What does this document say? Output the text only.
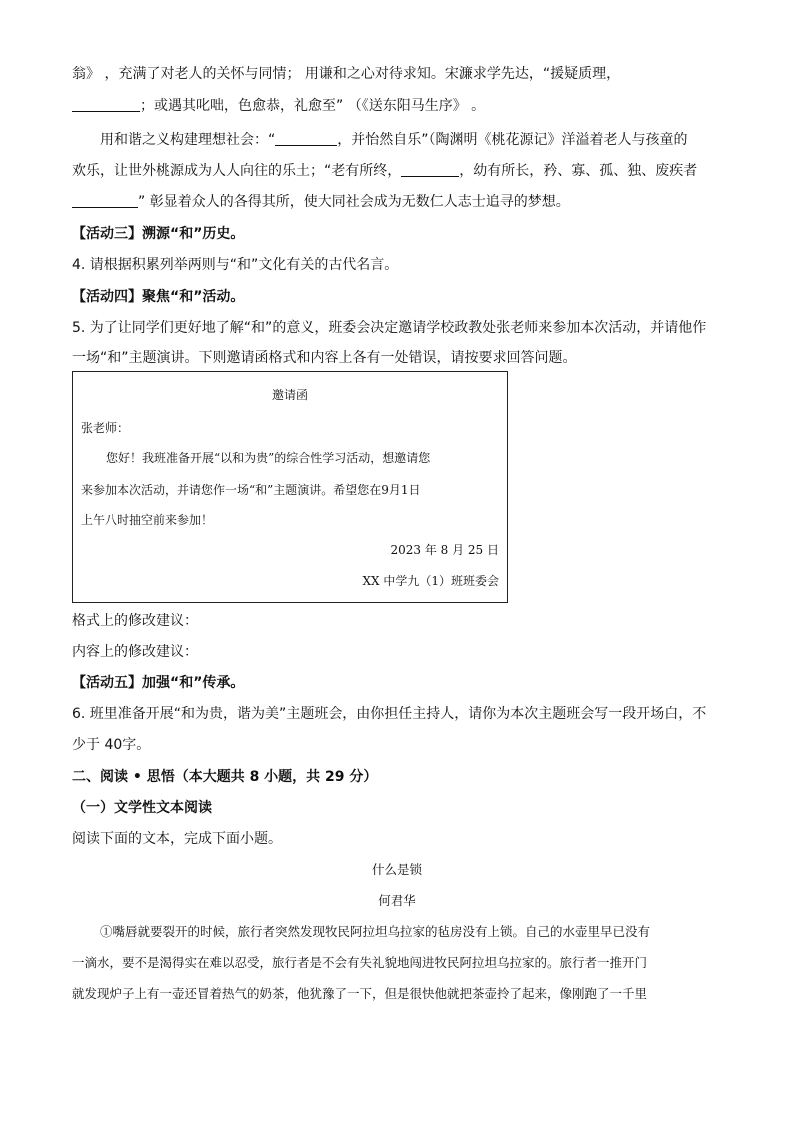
翁》 ，充满了对老人的关怀与同情； 用谦和之心对待求知。宋濂求学先达，“援疑质理，
；或遇其叱咄，色愈恭，礼愈至” （《送东阳马生序》 。
用和谐之义构建理想社会：“	，并怡然自乐”（陶渊明《桃花源记》洋溢着老人与孩童的
欢乐，让世外桃源成为人人向往的乐土；“老有所终，	，幼有所长，矜、寡、孤、独、废疾者
” 彰显着众人的各得其所，使大同社会成为无数仁人志士追寻的梦想。
【活动三】溯源“和”历史。
4. 请根据积累列举两则与“和”文化有关的古代名言。
【活动四】聚焦“和”活动。
5. 为了让同学们更好地了解“和”的意义，班委会决定邀请学校政教处张老师来参加本次活动，并请他作
一场“和”主题演讲。下则邀请函格式和内容上各有一处错误，请按要求回答问题。
邀请函
张老师：
您好！我班准备开展“以和为贵”的综合性学习活动，想邀请您
来参加本次活动，并请您作一场“和”主题演讲。希望您在9月1日
上午八时抽空前来参加！
2023 年 8 月 25 日
XX 中学九（1）班班委会
格式上的修改建议：
内容上的修改建议：
【活动五】加强“和”传承。
6. 班里准备开展“和为贵，谐为美”主题班会，由你担任主持人，请你为本次主题班会写一段开场白，不
少于 40字。
二、阅读 • 思悟（本大题共 8 小题，共 29 分）
（一）文学性文本阅读
阅读下面的文本，完成下面小题。
什么是锁
何君华
①嘴唇就要裂开的时候，旅行者突然发现牧民阿拉坦乌拉家的毡房没有上锁。自己的水壶里早已没有
一滴水，要不是渴得实在难以忍受，旅行者是不会有失礼貌地闯进牧民阿拉坦乌拉家的。旅行者一推开门
就发现炉子上有一壶还冒着热气的奶茶，他犹豫了一下，但是很快他就把茶壶拎了起来，像刚跑了一千里
